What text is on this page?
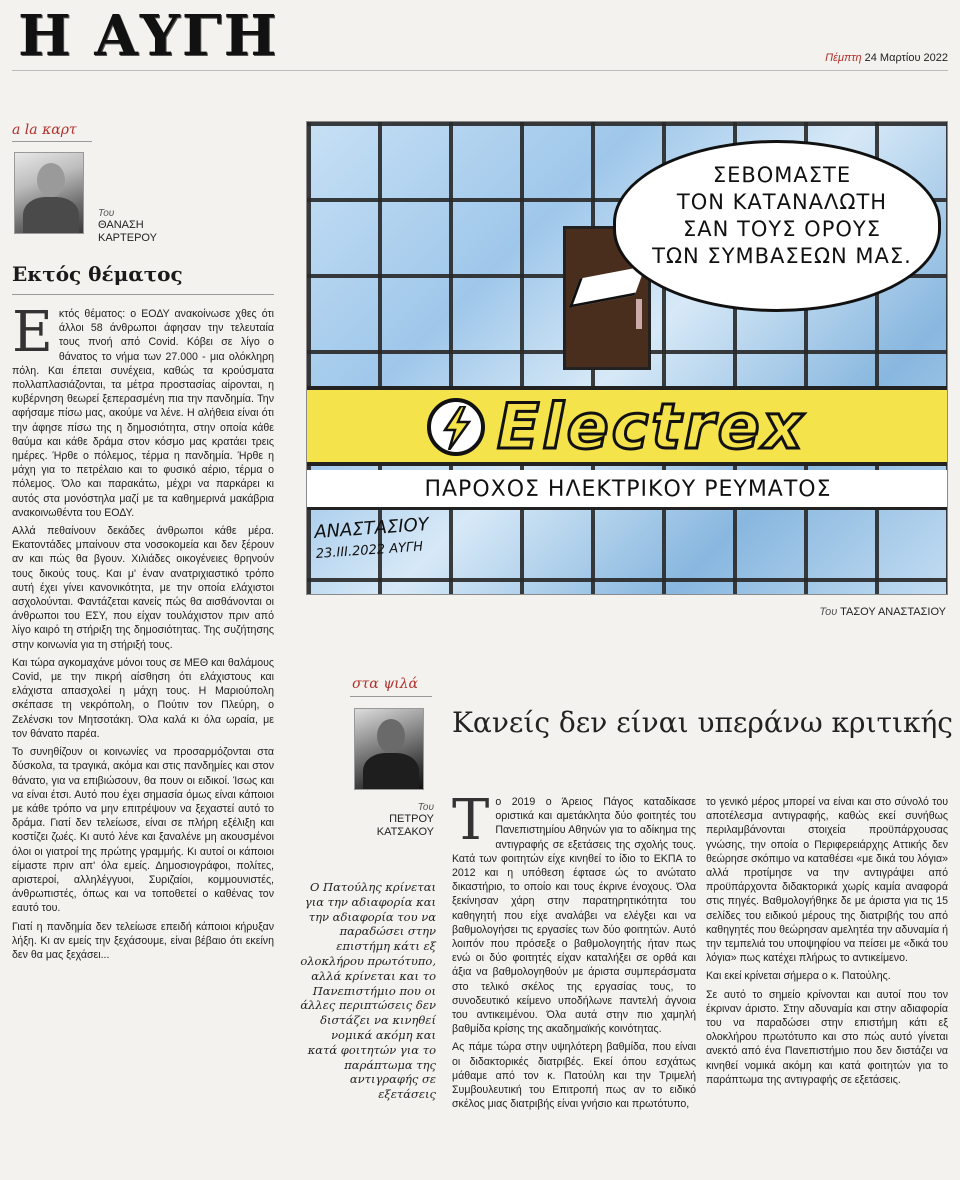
Η ΑΥΓΗ	Πέμπτη 24 Μαρτίου 2022
a la καρτ
Του
ΘΑΝΑΣΗ ΚΑΡΤΕΡΟΥ
Εκτός θέματος
Ε κτός θέματος: ο ΕΟΔΥ ανακοίνωσε χθες ότι άλλοι 58 άνθρωποι άφησαν την τελευταία τους πνοή από Covid. Κόβει σε λίγο ο θάνατος το νήμα των 27.000 - μια ολόκληρη πόλη. Και έπεται συνέχεια, καθώς τα κρούσματα πολλαπλασιάζονται, τα μέτρα προστασίας αίρονται, η κυβέρνηση θεωρεί ξεπερασμένη πια την πανδημία. Την αφήσαμε πίσω μας, ακούμε να λένε. Η αλήθεια είναι ότι την άφησε πίσω της η δημοσιότητα, στην οποία κάθε θαύμα και κάθε δράμα στον κόσμο μας κρατάει τρεις ημέρες. Ήρθε ο πόλεμος, τέρμα η πανδημία. Ήρθε η μάχη για το πετρέλαιο και το φυσικό αέριο, τέρμα ο πόλεμος. Όλο και παρακάτω, μέχρι να παρκάρει κι αυτός στα μονόστηλα μαζί με τα καθημερινά μακάβρια ανακοινωθέντα του ΕΟΔΥ.

Αλλά πεθαίνουν δεκάδες άνθρωποι κάθε μέρα. Εκατοντάδες μπαίνουν στα νοσοκομεία και δεν ξέρουν αν και πώς θα βγουν. Χιλιάδες οικογένειες θρηνούν τους δικούς τους. Και μ' έναν ανατριχιαστικό τρόπο αυτή έχει γίνει κανονικότητα, με την οποία ελάχιστοι ασχολούνται. Φαντάζεται κανείς πώς θα αισθάνονται οι άνθρωποι του ΕΣΥ, που είχαν τουλάχιστον πριν από λίγο καιρό τη στήριξη της δημοσιότητας. Της συζήτησης στην κοινωνία για τη στήριξή τους.

Και τώρα αγκομαχάνε μόνοι τους σε ΜΕΘ και θαλάμους Covid, με την πικρή αίσθηση ότι ελάχιστους και ελάχιστα απασχολεί η μάχη τους. Η Μαριούπολη σκέπασε τη νεκρόπολη, ο Πούτιν τον Πλεύρη, ο Ζελένσκι τον Μητσοτάκη. Όλα καλά κι όλα ωραία, με τον θάνατο παρέα.

Το συνηθίζουν οι κοινωνίες να προσαρμόζονται στα δύσκολα, τα τραγικά, ακόμα και στις πανδημίες και στον θάνατο, για να επιβιώσουν, θα πουν οι ειδικοί. Ίσως και να είναι έτσι. Αυτό που έχει σημασία όμως είναι κάποιοι με κάθε τρόπο να μην επιτρέψουν να ξεχαστεί αυτό το δράμα. Γιατί δεν τελείωσε, είναι σε πλήρη εξέλιξη και κοστίζει ζωές. Κι αυτό λένε και ξαναλένε μη ακουσμένοι όλοι οι γιατροί της πρώτης γραμμής. Κι αυτοί οι κάποιοι είμαστε πριν απ' όλα εμείς. Δημοσιογράφοι, πολίτες, αριστεροί, αλληλέγγυοι, Συριζαίοι, κομμουνιστές, άνθρωπιστές, όπως και να τοποθετεί ο καθένας τον εαυτό του.

Γιατί η πανδημία δεν τελείωσε επειδή κάποιοι κήρυξαν λήξη. Κι αν εμείς την ξεχάσουμε, είναι βέβαιο ότι εκείνη δεν θα μας ξεχάσει...

ΣΕΒΟΜΑΣΤΕ
ΤΟΝ ΚΑΤΑΝΑΛΩΤΗ
ΣΑΝ ΤΟΥΣ ΟΡΟΥΣ
ΤΩΝ ΣΥΜΒΑΣΕΩΝ ΜΑΣ.
Electrex
ΠΑΡΟΧΟΣ ΗΛΕΚΤΡΙΚΟΥ ΡΕΥΜΑΤΟΣ
ΑΝΑΣΤΑΣΙΟΥ
23.III.2022 ΑΥΓΗ
Του ΤΑΣΟΥ ΑΝΑΣΤΑΣΙΟΥ
στα ψιλά
Κανείς δεν είναι υπεράνω κριτικής
Του
ΠΕΤΡΟΥ ΚΑΤΣΑΚΟΥ
Ο Πατούλης κρίνεται για την αδιαφορία και την αδιαφορία του να παραδώσει στην επιστήμη κάτι εξ ολοκλήρου πρωτότυπο, αλλά κρίνεται και το Πανεπιστήμιο που οι άλλες περιπτώσεις δεν διστάζει να κινηθεί νομικά ακόμη και κατά φοιτητών για το παράπτωμα της αντιγραφής σε εξετάσεις
Τ ο 2019 ο Άρειος Πάγος καταδίκασε οριστικά και αμετάκλητα δύο φοιτητές του Πανεπιστημίου Αθηνών για το αδίκημα της αντιγραφής σε εξετάσεις της σχολής τους. Κατά των φοιτητών είχε κινηθεί το ίδιο το ΕΚΠΑ το 2012 και η υπόθεση έφτασε ώς το ανώτατο δικαστήριο, το οποίο και τους έκρινε ένοχους. Όλα ξεκίνησαν χάρη στην παρατηρητικότητα του καθηγητή που είχε αναλάβει να ελέγξει και να βαθμολογήσει τις εργασίες των δύο φοιτητών. Αυτό λοιπόν που πρόσεξε ο βαθμολογητής ήταν πως ενώ οι δύο φοιτητές είχαν καταλήξει σε ορθά και άξια να βαθμολογηθούν με άριστα συμπεράσματα στο τελικό σκέλος της εργασίας τους, το συνοδευτικό κείμενο υποδήλωνε παντελή άγνοια του αντικειμένου. Όλα αυτά στην πιο χαμηλή βαθμίδα κρίσης της ακαδημαϊκής κοινότητας.

Ας πάμε τώρα στην υψηλότερη βαθμίδα, που είναι οι διδακτορικές διατριβές. Εκεί όπου εσχάτως μάθαμε από τον κ. Πατούλη και την Τριμελή Συμβουλευτική του Επιτροπή πως αν το ειδικό σκέλος μιας διατριβής είναι γνήσιο και πρωτότυπο,

το γενικό μέρος μπορεί να είναι και στο σύνολό του αποτέλεσμα αντιγραφής, καθώς εκεί συνήθως περιλαμβάνονται στοιχεία προϋπάρχουσας γνώσης, την οποία ο Περιφερειάρχης Αττικής δεν θεώρησε σκόπιμο να καταθέσει «με δικά του λόγια» αλλά προτίμησε να την αντιγράψει από προϋπάρχοντα διδακτορικά χωρίς καμία αναφορά στις πηγές. Βαθμολογήθηκε δε με άριστα για τις 15 σελίδες του ειδικού μέρους της διατριβής του από καθηγητές που θεώρησαν αμελητέα την αδυναμία ή την τεμπελιά του υποψηφίου να πείσει με «δικά του λόγια» πως κατέχει πλήρως το αντικείμενο.

Και εκεί κρίνεται σήμερα ο κ. Πατούλης.

Σε αυτό το σημείο κρίνονται και αυτοί που τον έκριναν άριστο. Στην αδυναμία και στην αδιαφορία του να παραδώσει στην επιστήμη κάτι εξ ολοκλήρου πρωτότυπο και στο πώς αυτό γίνεται ανεκτό από ένα Πανεπιστήμιο που δεν διστάζει να κινηθεί νομικά ακόμη και κατά φοιτητών για το παράπτωμα της αντιγραφής σε εξετάσεις.
